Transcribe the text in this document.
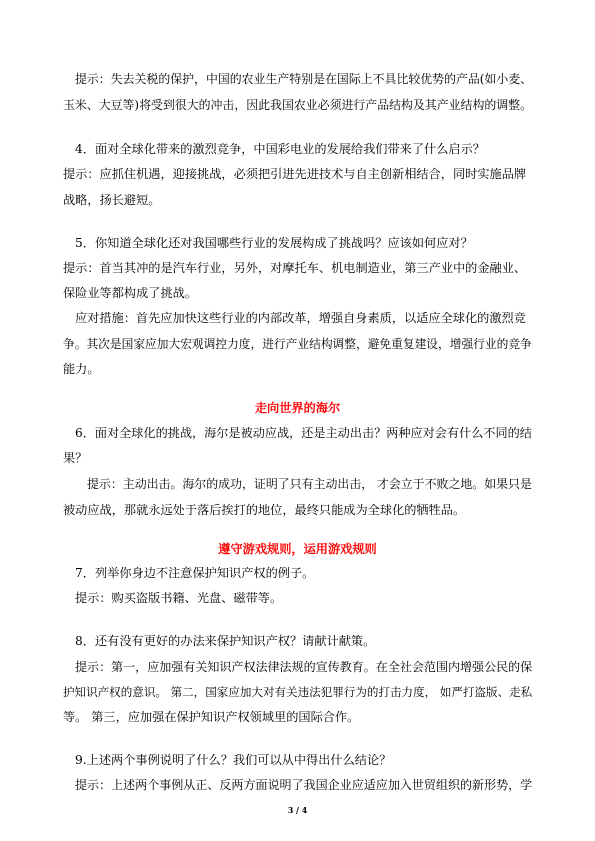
提示：失去关税的保护，中国的农业生产特别是在国际上不具比较优势的产品(如小麦、
玉米、大豆等)将受到很大的冲击，因此我国农业必须进行产品结构及其产业结构的调整。
4．面对全球化带来的激烈竞争，中国彩电业的发展给我们带来了什么启示？
提示：应抓住机遇，迎接挑战，必须把引进先进技术与自主创新相结合，同时实施品牌
战略，扬长避短。
5．你知道全球化还对我国哪些行业的发展构成了挑战吗？应该如何应对？
提示：首当其冲的是汽车行业，另外，对摩托车、机电制造业，第三产业中的金融业、
保险业等都构成了挑战。
应对措施：首先应加快这些行业的内部改革，增强自身素质，以适应全球化的激烈竞
争。其次是国家应加大宏观调控力度，进行产业结构调整，避免重复建设，增强行业的竞争
能力。
走向世界的海尔
6．面对全球化的挑战，海尔是被动应战，还是主动出击？两种应对会有什么不同的结
果？
提示：主动出击。海尔的成功，证明了只有主动出击， 才会立于不败之地。如果只是
被动应战，那就永远处于落后挨打的地位，最终只能成为全球化的牺牲品。
遵守游戏规则，运用游戏规则
7．列举你身边不注意保护知识产权的例子。
提示：购买盗版书籍、光盘、磁带等。
8．还有没有更好的办法来保护知识产权？请献计献策。
提示：第一，应加强有关知识产权法律法规的宣传教育。在全社会范围内增强公民的保
护知识产权的意识。 第二，国家应加大对有关违法犯罪行为的打击力度， 如严打盗版、走私
等。 第三，应加强在保护知识产权领域里的国际合作。
9.上述两个事例说明了什么？我们可以从中得出什么结论？
提示：上述两个事例从正、反两方面说明了我国企业应适应加入世贸组织的新形势，学
3 / 4
